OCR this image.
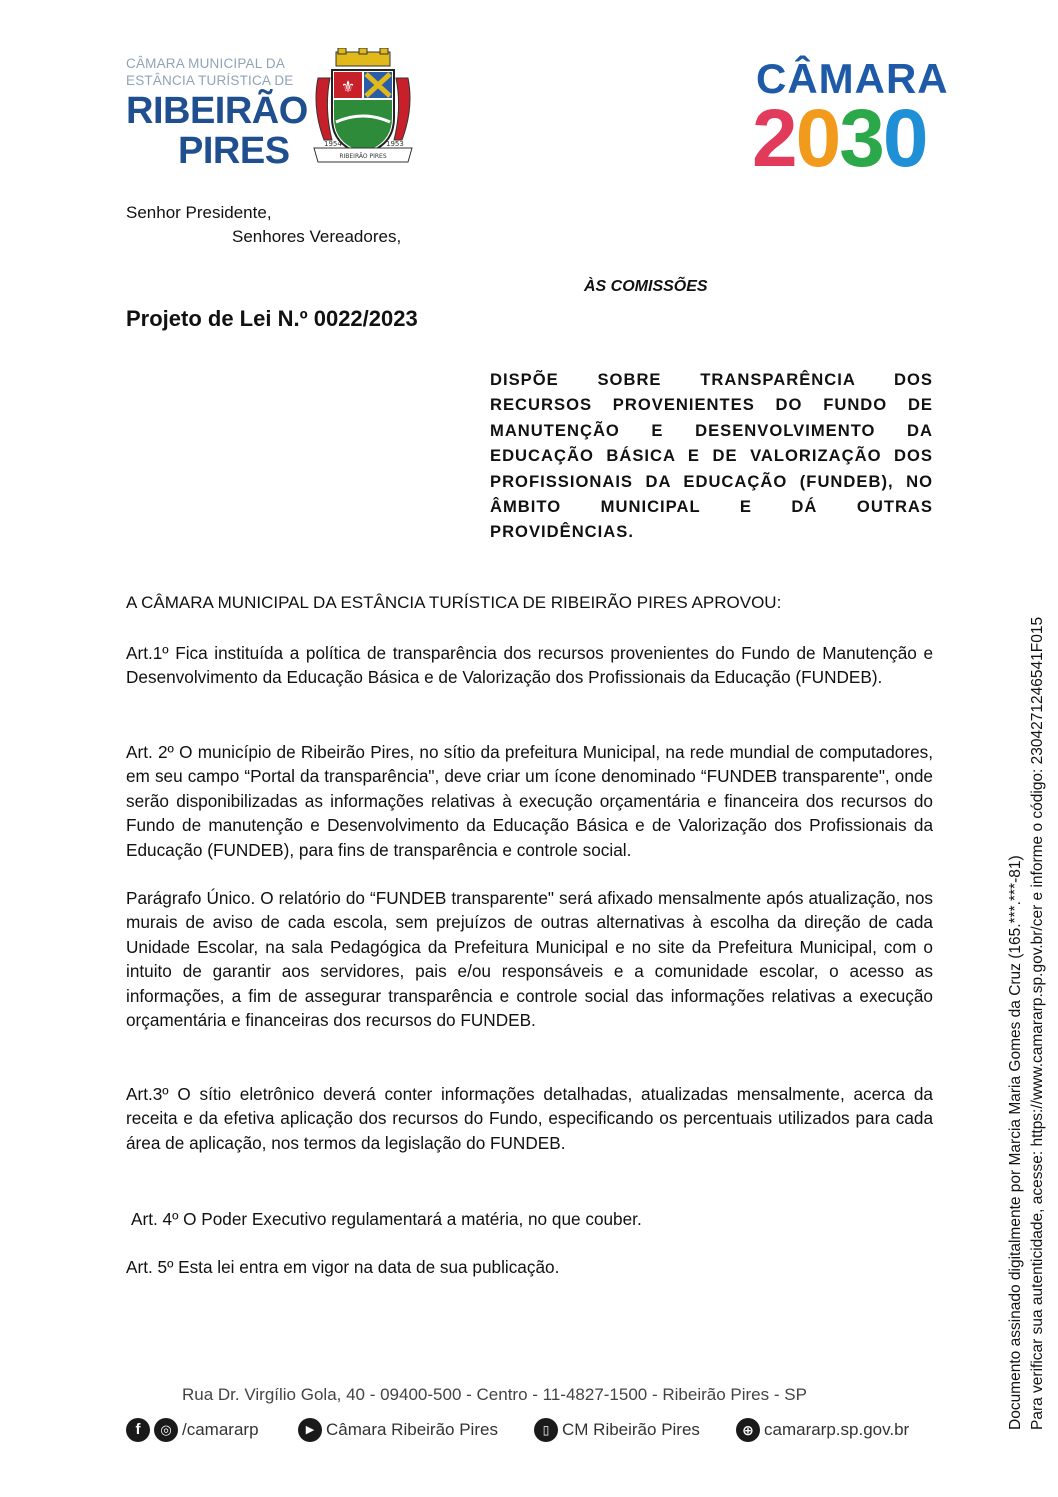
CÂMARA MUNICIPAL DA
ESTÂNCIA TURÍSTICA DE
RIBEIRÃO
PIRES
⚜
1954	1953
RIBEIRÃO PIRES
CÂMARA
2030
Senhor Presidente,
Senhores Vereadores,
ÀS COMISSÕES
Projeto de Lei N.º 0022/2023
DISPÕE SOBRE TRANSPARÊNCIA DOS
RECURSOS PROVENIENTES DO FUNDO DE
MANUTENÇÃO E DESENVOLVIMENTO DA
EDUCAÇÃO BÁSICA E DE VALORIZAÇÃO DOS
PROFISSIONAIS DA EDUCAÇÃO (FUNDEB), NO
ÂMBITO MUNICIPAL E DÁ OUTRAS
PROVIDÊNCIAS.
A CÂMARA MUNICIPAL DA ESTÂNCIA TURÍSTICA DE RIBEIRÃO PIRES APROVOU:
Art.1º Fica instituída a política de transparência dos recursos provenientes do Fundo de Manutenção e Desenvolvimento da Educação Básica e de Valorização dos Profissionais da Educação (FUNDEB).
Art. 2º O município de Ribeirão Pires, no sítio da prefeitura Municipal, na rede mundial de computadores, em seu campo “Portal da transparência", deve criar um ícone denominado “FUNDEB transparente", onde serão disponibilizadas as informações relativas à execução orçamentária e financeira dos recursos do Fundo de manutenção e Desenvolvimento da Educação Básica e de Valorização dos Profissionais da Educação (FUNDEB), para fins de transparência e controle social.
Parágrafo Único. O relatório do “FUNDEB transparente" será afixado mensalmente após atualização, nos murais de aviso de cada escola, sem prejuízos de outras alternativas à escolha da direção de cada Unidade Escolar, na sala Pedagógica da Prefeitura Municipal e no site da Prefeitura Municipal, com o intuito de garantir aos servidores, pais e/ou responsáveis e a comunidade escolar, o acesso as informações, a fim de assegurar transparência e controle social das informações relativas a execução orçamentária e financeiras dos recursos do FUNDEB.
Art.3º O sítio eletrônico deverá conter informações detalhadas, atualizadas mensalmente, acerca da receita e da efetiva aplicação dos recursos do Fundo, especificando os percentuais utilizados para cada área de aplicação, nos termos da legislação do FUNDEB.
Art. 4º O Poder Executivo regulamentará a matéria, no que couber.
Art. 5º Esta lei entra em vigor na data de sua publicação.
Rua Dr. Virgílio Gola, 40 - 09400-500 - Centro - 11-4827-1500 - Ribeirão Pires - SP
f	◎ /camararp	▶ Câmara Ribeirão Pires	▯ CM Ribeirão Pires	⊕ camararp.sp.gov.br	Documento assinado digitalmente por Marcia Maria Gomes da Cruz (165.***.***-81) Para verificar sua autenticidade, acesse: https://www.camararp.sp.gov.br/cer e informe o código: 2304271246541F015
